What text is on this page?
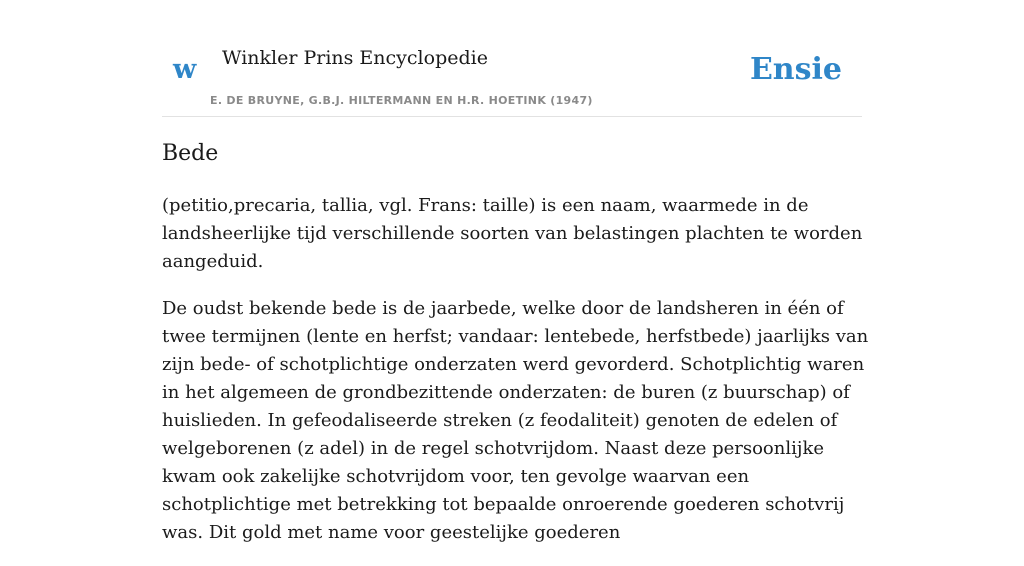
w Winkler Prins Encyclopedie
E. DE BRUYNE, G.B.J. HILTERMANN EN H.R. HOETINK (1947)
Ensie
Bede

(petitio,precaria, tallia, vgl. Frans: taille) is een naam, waarmede in de landsheerlijke tijd verschillende soorten van belastingen plachten te worden aangeduid.

De oudst bekende bede is de jaarbede, welke door de landsheren in één of twee termijnen (lente en herfst; vandaar: lentebede, herfstbede) jaarlijks van zijn bede- of schotplichtige onderzaten werd gevorderd. Schotplichtig waren in het algemeen de grondbezittende onderzaten: de buren (z buurschap) of huislieden. In gefeodaliseerde streken (z feodaliteit) genoten de edelen of welgeborenen (z adel) in de regel schotvrijdom. Naast deze persoonlijke kwam ook zakelijke schotvrijdom voor, ten gevolge waarvan een schotplichtige met betrekking tot bepaalde onroerende goederen schotvrij was. Dit gold met name voor geestelijke goederen
